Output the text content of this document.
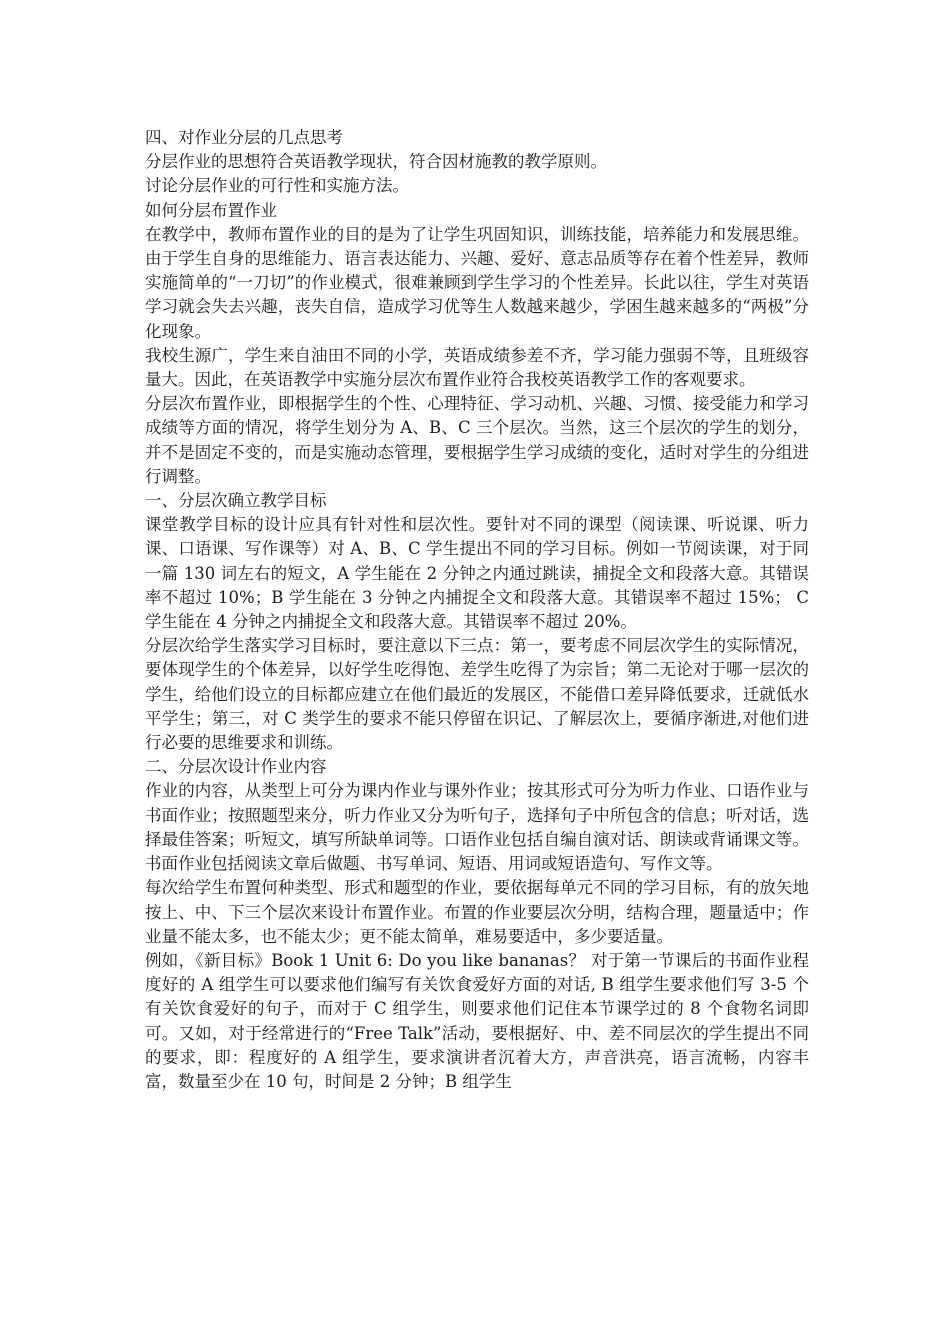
四、对作业分层的几点思考

分层作业的思想符合英语教学现状，符合因材施教的教学原则。

讨论分层作业的可行性和实施方法。

如何分层布置作业

在教学中，教师布置作业的目的是为了让学生巩固知识，训练技能，培养能力和发展思维。由于学生自身的思维能力、语言表达能力、兴趣、爱好、意志品质等存在着个性差异，教师实施简单的“一刀切”的作业模式，很难兼顾到学生学习的个性差异。长此以往，学生对英语学习就会失去兴趣，丧失自信，造成学习优等生人数越来越少，学困生越来越多的“两极”分化现象。

我校生源广，学生来自油田不同的小学，英语成绩参差不齐，学习能力强弱不等，且班级容量大。因此，在英语教学中实施分层次布置作业符合我校英语教学工作的客观要求。

分层次布置作业，即根据学生的个性、心理特征、学习动机、兴趣、习惯、接受能力和学习成绩等方面的情况，将学生划分为 A、B、C 三个层次。当然，这三个层次的学生的划分，并不是固定不变的，而是实施动态管理，要根据学生学习成绩的变化，适时对学生的分组进行调整。

一、分层次确立教学目标

课堂教学目标的设计应具有针对性和层次性。要针对不同的课型（阅读课、听说课、听力课、口语课、写作课等）对 A、B、C 学生提出不同的学习目标。例如一节阅读课，对于同一篇 130 词左右的短文，A 学生能在 2 分钟之内通过跳读，捕捉全文和段落大意。其错误率不超过 10%；B 学生能在 3 分钟之内捕捉全文和段落大意。其错误率不超过 15%； C 学生能在 4 分钟之内捕捉全文和段落大意。其错误率不超过 20%。

分层次给学生落实学习目标时，要注意以下三点：第一，要考虑不同层次学生的实际情况，要体现学生的个体差异，以好学生吃得饱、差学生吃得了为宗旨；第二无论对于哪一层次的学生，给他们设立的目标都应建立在他们最近的发展区，不能借口差异降低要求，迁就低水平学生；第三，对 C 类学生的要求不能只停留在识记、了解层次上，要循序渐进,对他们进行必要的思维要求和训练。

二、分层次设计作业内容

作业的内容，从类型上可分为课内作业与课外作业；按其形式可分为听力作业、口语作业与书面作业；按照题型来分，听力作业又分为听句子，选择句子中所包含的信息；听对话，选择最佳答案；听短文，填写所缺单词等。口语作业包括自编自演对话、朗读或背诵课文等。书面作业包括阅读文章后做题、书写单词、短语、用词或短语造句、写作文等。

每次给学生布置何种类型、形式和题型的作业，要依据每单元不同的学习目标，有的放矢地按上、中、下三个层次来设计布置作业。布置的作业要层次分明，结构合理，题量适中；作业量不能太多，也不能太少；更不能太简单，难易要适中，多少要适量。

例如，《新目标》Book 1 Unit 6: Do you like bananas？ 对于第一节课后的书面作业程度好的 A 组学生可以要求他们编写有关饮食爱好方面的对话, B 组学生要求他们写 3-5 个有关饮食爱好的句子，而对于 C 组学生，则要求他们记住本节课学过的 8 个食物名词即可。又如，对于经常进行的“Free Talk”活动，要根据好、中、差不同层次的学生提出不同的要求，即：程度好的 A 组学生，要求演讲者沉着大方，声音洪亮，语言流畅，内容丰富，数量至少在 10 句，时间是 2 分钟；B 组学生
